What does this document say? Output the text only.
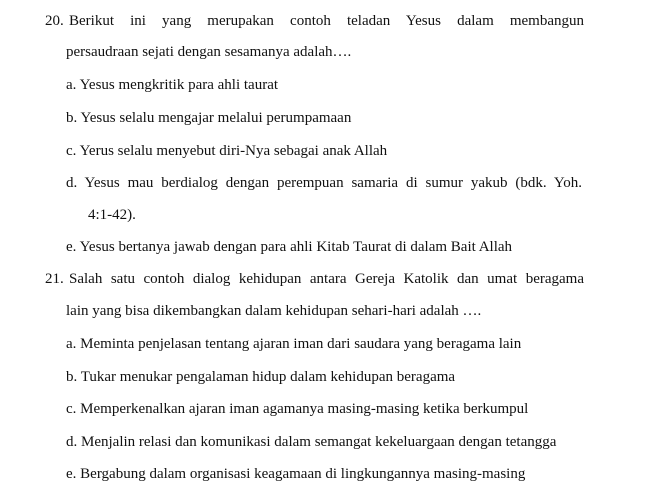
20. Berikut ini yang merupakan contoh teladan Yesus dalam membangun
persaudraan sejati dengan sesamanya adalah….
a. Yesus mengkritik para ahli taurat
b. Yesus selalu mengajar melalui perumpamaan
c. Yerus selalu menyebut diri-Nya sebagai anak Allah
d. Yesus mau berdialog dengan perempuan samaria di sumur yakub (bdk. Yoh.
4:1-42).
e. Yesus bertanya jawab dengan para ahli Kitab Taurat di dalam Bait Allah
21. Salah satu contoh dialog kehidupan antara Gereja Katolik dan umat beragama
lain yang bisa dikembangkan dalam kehidupan sehari-hari adalah ….
a. Meminta penjelasan tentang ajaran iman dari saudara yang beragama lain
b. Tukar menukar pengalaman hidup dalam kehidupan beragama
c. Memperkenalkan ajaran iman agamanya masing-masing ketika berkumpul
d. Menjalin relasi dan komunikasi dalam semangat kekeluargaan dengan tetangga
e. Bergabung dalam organisasi keagamaan di lingkungannya masing-masing
